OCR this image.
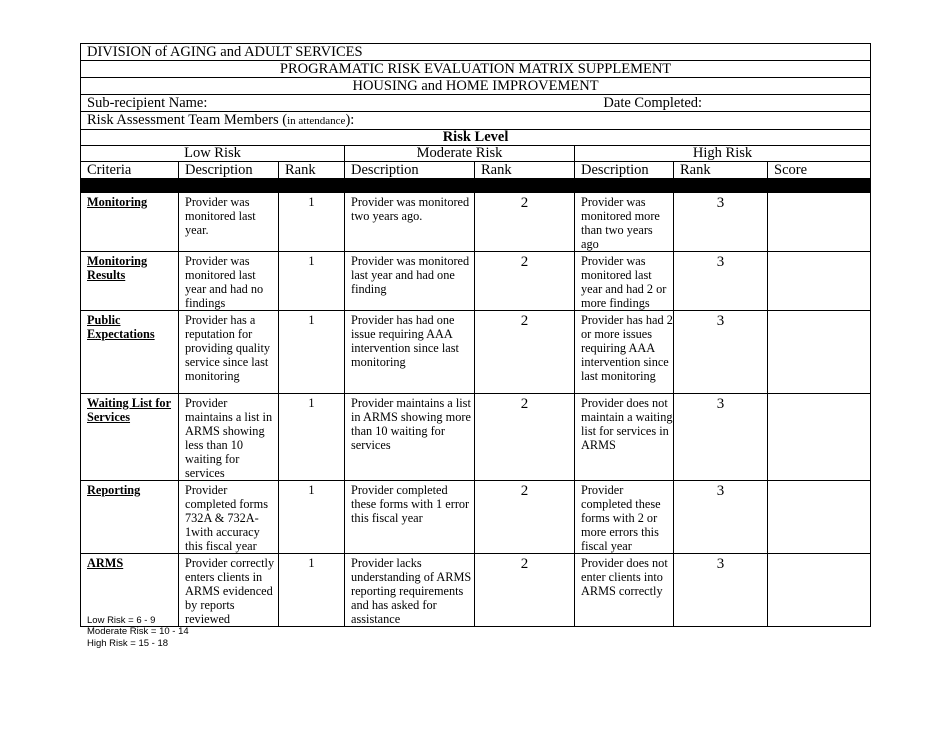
DIVISION of AGING and ADULT SERVICES							
PROGRAMATIC RISK EVALUATION MATRIX SUPPLEMENT							
HOUSING and HOME IMPROVEMENT							

Sub-recipient Name: Date Completed:							

Risk Assessment Team Members (in attendance):							
Risk Level							
Low Risk			Moderate Risk		High Risk		
Criteria	Description	Rank	Description	Rank	Description	Rank	Score

Monitoring	Provider was monitored last year.	1	Provider was monitored two years ago.	2	Provider was monitored more than two years ago	3	
Monitoring Results	Provider was monitored last year and had no findings	1	Provider was monitored last year and had one finding	2	Provider was monitored last year and had 2 or more findings	3	
Public Expectations	Provider has a reputation for providing quality service since last monitoring	1	Provider has had one issue requiring AAA intervention since last monitoring	2	Provider has had 2 or more issues requiring AAA intervention since last monitoring	3	
Waiting List for Services	Provider maintains a list in ARMS showing less than 10 waiting for services	1	Provider maintains a list in ARMS showing more than 10 waiting for services	2	Provider does not maintain a waiting list for services in ARMS	3	
Reporting	Provider completed forms 732A & 732A-1with accuracy this fiscal year	1	Provider completed these forms with 1 error this fiscal year	2	Provider completed these forms with 2 or more errors this fiscal year	3	
ARMS	Provider correctly enters clients in ARMS evidenced by reports reviewed	1	Provider lacks understanding of ARMS reporting requirements and has asked for assistance	2	Provider does not enter clients into ARMS correctly	3	
Low Risk = 6 - 9
Moderate Risk = 10 - 14
High Risk = 15 - 18
